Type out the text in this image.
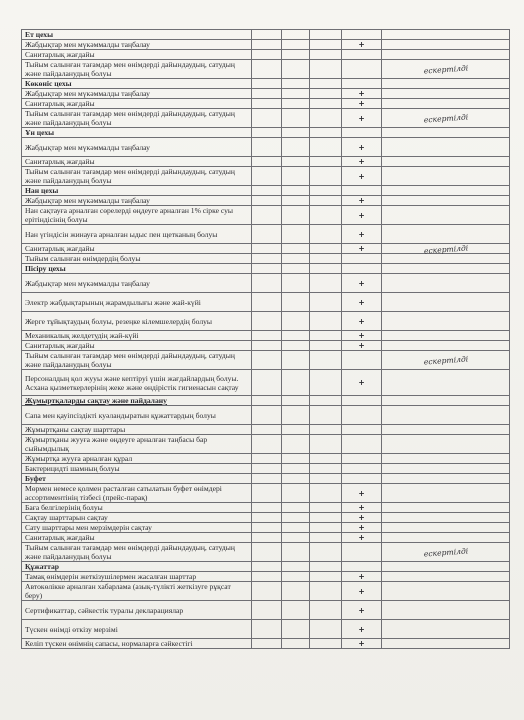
Ет цехы					
Жабдықтар мен мүкәммалды таңбалау				+	
Санитарлық жағдайы					
Тыйым салынған тағамдар мен өнімдерді дайындаудың, сатудың және пайдаланудың болуы					ескертілді
Көкөніс цехы					
Жабдықтар мен мүкәммалды таңбалау				+	
Санитарлық жағдайы				+	
Тыйым салынған тағамдар мен өнімдерді дайындаудың, сатудың және пайдаланудың болуы				+	ескертілді
Ұн цехы					
Жабдықтар мен мүкәммалды таңбалау				+	
Санитарлық жағдайы				+	
Тыйым салынған тағамдар мен өнімдерді дайындаудың, сатудың және пайдаланудың болуы				+	
Нан цехы					
Жабдықтар мен мүкәммалды таңбалау				+	
Нан сақтауға арналған сөрелерді өңдеуге арналған 1% сірке суы ерітіндісінің болуы				+	
Нан үгіндісін жинауға арналған ыдыс пен щетканың болуы				+	
Санитарлық жағдайы				+	ескертілді
Тыйым салынған өнімдердің болуы					
Пісіру цехы					
Жабдықтар мен мүкәммалды таңбалау				+	
Электр жабдықтарының жарамдылығы және жай-күйі				+	
Жерге тұйықтаудың болуы, резеңке кілемшелердің болуы				+	
Механикалық желдетудің жай-күйі				+	
Санитарлық жағдайы				+	
Тыйым салынған тағамдар мен өнімдерді дайындаудың, сатудың және пайдаланудың болуы					ескертілді
Персоналдың қол жууы және кептіруі үшін жағдайлардың болуы. Асхана қызметкерлерінің жеке және өндірістік гигиенасын сақтау				+	
Жұмыртқаларды сақтау және пайдалану					
Сапа мен қауіпсіздікті куәландыратын құжаттардың болуы					
Жұмыртқаны сақтау шарттары					
Жұмыртқаны жууға және өңдеуге арналған таңбасы бар сыйымдылық					
Жұмыртқа жууға арналған құрал					
Бактерицидті шамның болуы					
Буфет					
Мөрмен немесе қолмен расталған сатылатын буфет өнімдері ассортиментінің тізбесі (прейс-парақ)				+	
Баға белгілерінің болуы				+	
Сақтау шарттарын сақтау				+	
Сату шарттары мен мерзімдерін сақтау				+	
Санитарлық жағдайы				+	
Тыйым салынған тағамдар мен өнімдерді дайындаудың, сатудың және пайдаланудың болуы					ескертілді
Құжаттар					
Тамақ өнімдерін жеткізушілермен жасалған шарттар				+	
Автокөлікке арналған хабарлама (азық-түлікті жеткізуге рұқсат беру)				+	
Сертификаттар, сәйкестік туралы декларациялар				+	
Түскен өнімді өткізу мерзімі				+	
Келіп түскен өнімнің сапасы, нормаларға сәйкестігі				+	
